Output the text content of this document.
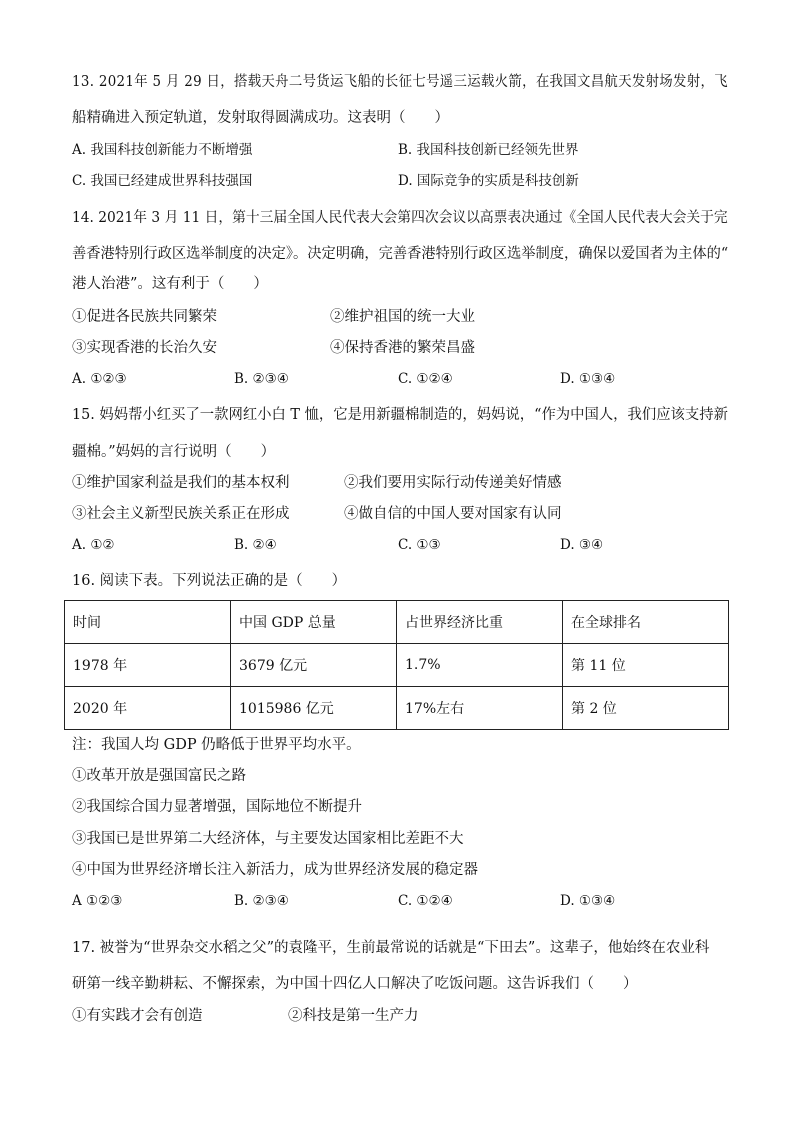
13. 2021年 5 月 29 日，搭载天舟二号货运飞船的长征七号遥三运载火箭，在我国文昌航天发射场发射，飞
船精确进入预定轨道，发射取得圆满成功。这表明（　　）
A. 我国科技创新能力不断增强	B. 我国科技创新已经领先世界
C. 我国已经建成世界科技强国	D. 国际竞争的实质是科技创新
14. 2021年 3 月 11 日，第十三届全国人民代表大会第四次会议以高票表决通过《全国人民代表大会关于完
善香港特别行政区选举制度的决定》。决定明确，完善香港特别行政区选举制度，确保以爱国者为主体的“
港人治港”。这有利于（　　）
①促进各民族共同繁荣	②维护祖国的统一大业
③实现香港的长治久安	④保持香港的繁荣昌盛
A. ①②③	B. ②③④	C. ①②④	D. ①③④
15. 妈妈帮小红买了一款网红小白 T 恤，它是用新疆棉制造的，妈妈说，“作为中国人，我们应该支持新
疆棉。”妈妈的言行说明（　　）
①维护国家利益是我们的基本权利	②我们要用实际行动传递美好情感
③社会主义新型民族关系正在形成	④做自信的中国人要对国家有认同
A. ①②	B. ②④	C. ①③	D. ③④
16. 阅读下表。下列说法正确的是（　　）
时间	中国 GDP 总量	占世界经济比重	在全球排名
1978 年	3679 亿元	1.7%	第 11 位
2020 年	1015986 亿元	17%左右	第 2 位
注：我国人均 GDP 仍略低于世界平均水平。
①改革开放是强国富民之路
②我国综合国力显著增强，国际地位不断提升
③我国已是世界第二大经济体，与主要发达国家相比差距不大
④中国为世界经济增长注入新活力，成为世界经济发展的稳定器
A ①②③	B. ②③④	C. ①②④	D. ①③④
17. 被誉为“世界杂交水稻之父”的袁隆平，生前最常说的话就是“下田去”。这辈子，他始终在农业科
研第一线辛勤耕耘、不懈探索，为中国十四亿人口解决了吃饭问题。这告诉我们（　　）
①有实践才会有创造	②科技是第一生产力
